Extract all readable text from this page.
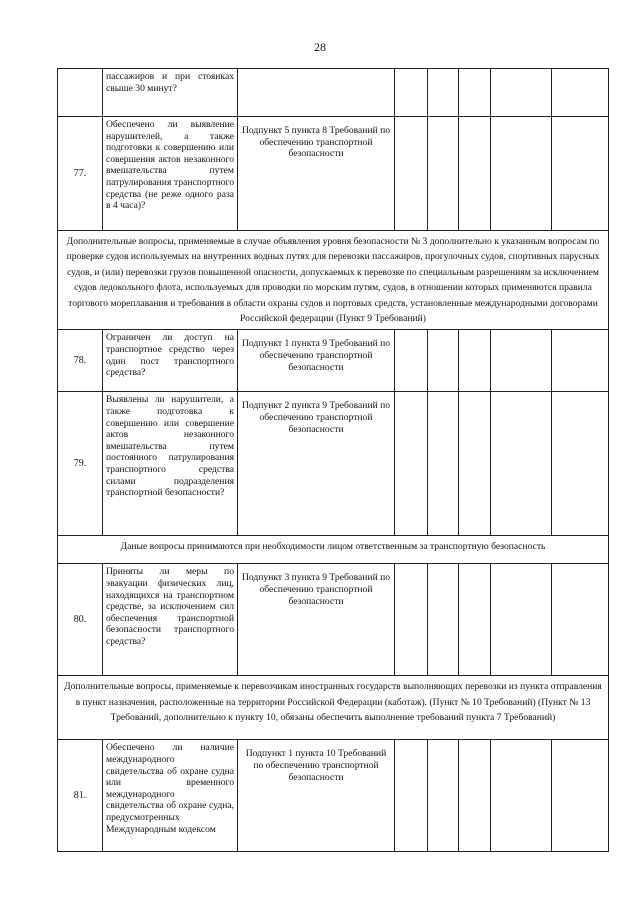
28
	пассажиров и при стоянках свыше 30 минут?						
77.	Обеспечено ли выявление нарушителей, а также подготовки к совершению или совершения актов незаконного вмешательства путем патрулирования транспортного средства (не реже одного раза в 4 часа)?	Подпункт 5 пункта 8 Требований по обеспечению транспортной безопасности					
Дополнительные вопросы, применяемые в случае объявления уровня безопасности № 3 дополнительно к указанным вопросам по проверке судов используемых на внутренних водных путях для перевозки пассажиров, прогулочных судов, спортивных парусных судов, и (или) перевозки грузов повышенной опасности, допускаемых к перевозке по специальным разрешениям за исключением судов ледокольного флота, используемых для проводки по морским путям, судов, в отношении которых применяются правила торгового мореплавания и требования в области охраны судов и портовых средств, установленные международными договорами Российской федерации (Пункт 9 Требований)							
78.	Ограничен ли доступ на транспортное средство через один пост транспортного средства?	Подпункт 1 пункта 9 Требований по обеспечению транспортной безопасности					
79.	Выявлены ли нарушители, а также подготовка к совершению или совершение актов незаконного вмешательства путем постоянного патрулирования транспортного средства силами подразделения транспортной безопасности?	Подпункт 2 пункта 9 Требований по обеспечению транспортной безопасности					
Даные вопросы принимаются при необходимости лицом ответственным за транспортную безопасность							
80.	Приняты ли меры по эвакуации физических лиц, находящихся на транспортном средстве, за исключением сил обеспечения транспортной безопасности транспортного средства?	Подпункт 3 пункта 9 Требований по обеспечению транспортной безопасности					
Дополнительные вопросы, применяемые к перевозчикам иностранных государств выполняющих перевозки из пункта отправления в пункт назначения, расположенные на территории Российской Федерации (каботаж). (Пункт № 10 Требований) (Пункт № 13 Требований, дополнительно к пункту 10, обязаны обеспечить выполнение требований пункта 7 Требований)							
81.	Обеспечено ли наличие международного свидетельства об охране судна или временного международного свидетельства об охране судна, предусмотренных Международным кодексом	Подпункт 1 пункта 10 Требований по обеспечению транспортной безопасности					
